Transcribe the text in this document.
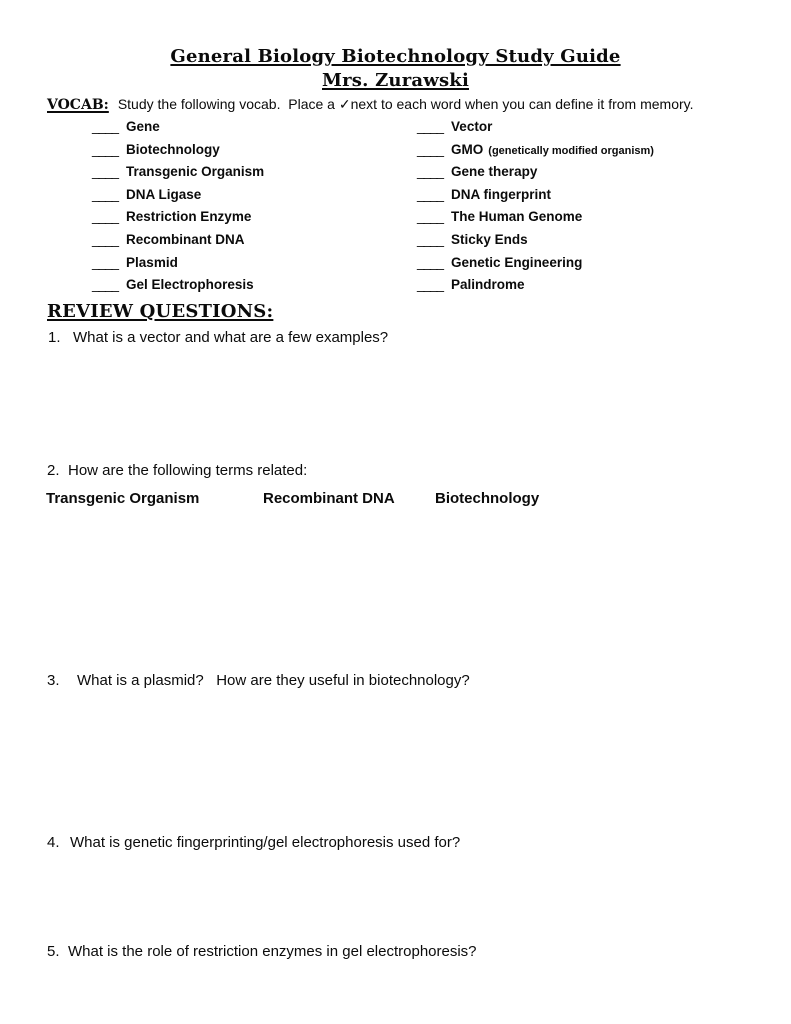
General Biology Biotechnology Study Guide
Mrs. Zurawski
VOCAB: Study the following vocab.  Place a ✓next to each word when you can define it from memory.
____ Gene
____ Biotechnology
____ Transgenic Organism
____ DNA Ligase
____ Restriction Enzyme
____ Recombinant DNA
____ Plasmid
____ Gel Electrophoresis
____ Vector
____ GMO (genetically modified organism)
____ Gene therapy
____ DNA fingerprint
____ The Human Genome
____ Sticky Ends
____ Genetic Engineering
____ Palindrome
REVIEW QUESTIONS:
1. What is a vector and what are a few examples?
2. How are the following terms related:
Transgenic Organism	Recombinant DNA	Biotechnology
3. What is a plasmid?   How are they useful in biotechnology?
4. What is genetic fingerprinting/gel electrophoresis used for?
5. What is the role of restriction enzymes in gel electrophoresis?
